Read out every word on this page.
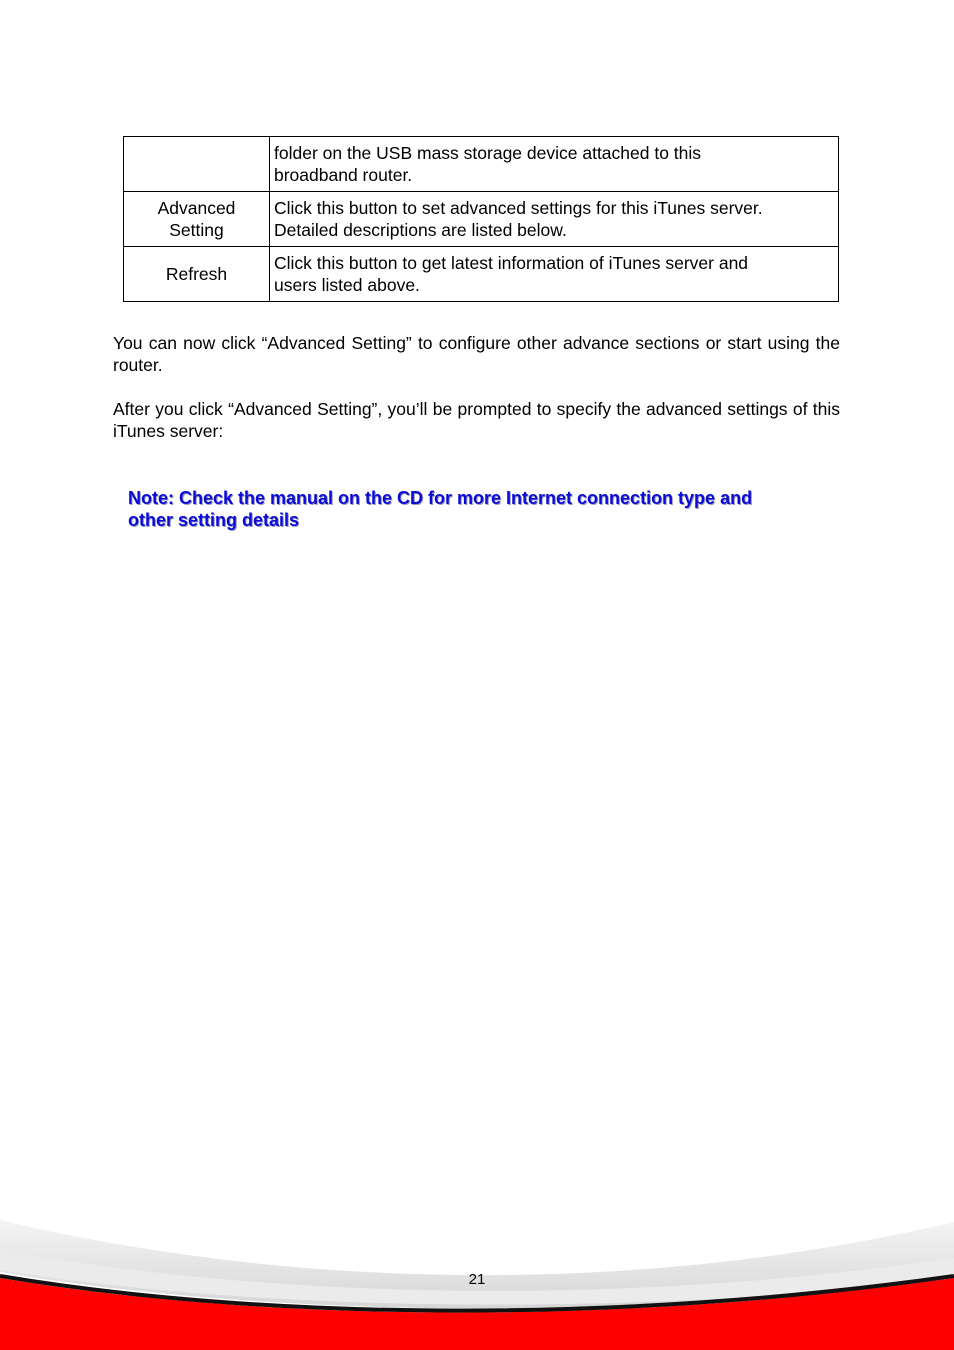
	folder on the USB mass storage device attached to this
broadband router.
Advanced
Setting	Click this button to set advanced settings for this iTunes server.
Detailed descriptions are listed below.
Refresh	Click this button to get latest information of iTunes server and
users listed above.

You can now click “Advanced Setting” to configure other advance sections or start using the router.

After you click “Advanced Setting”, you’ll be prompted to specify the advanced settings of this iTunes server:

Note: Check the manual on the CD for more Internet connection type and
other setting details
21
